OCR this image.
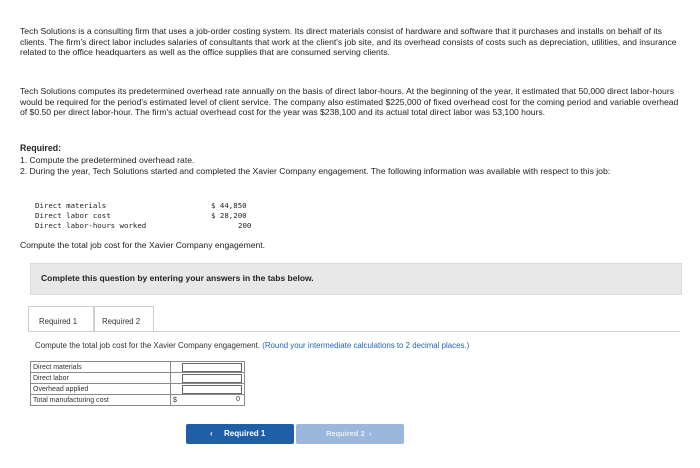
Tech Solutions is a consulting firm that uses a job-order costing system. Its direct materials consist of hardware and software that it purchases and installs on behalf of its clients. The firm's direct labor includes salaries of consultants that work at the client's job site, and its overhead consists of costs such as depreciation, utilities, and insurance related to the office headquarters as well as the office supplies that are consumed serving clients.

Tech Solutions computes its predetermined overhead rate annually on the basis of direct labor-hours. At the beginning of the year, it estimated that 50,000 direct labor-hours would be required for the period's estimated level of client service. The company also estimated $225,000 of fixed overhead cost for the coming period and variable overhead of $0.50 per direct labor-hour. The firm's actual overhead cost for the year was $238,100 and its actual total direct labor was 53,100 hours.

Required:
1. Compute the predetermined overhead rate.
2. During the year, Tech Solutions started and completed the Xavier Company engagement. The following information was available with respect to this job:
Direct materials	$ 44,850
Direct labor cost	$ 28,200
Direct labor-hours worked	200
Compute the total job cost for the Xavier Company engagement.
Complete this question by entering your answers in the tabs below.
Required 1	Required 2
Compute the total job cost for the Xavier Company engagement. (Round your intermediate calculations to 2 decimal places.)
Direct materials		

Direct labor		

Overhead applied		

Total manufacturing cost	$	0
‹ Required 1	Required 2 ›
